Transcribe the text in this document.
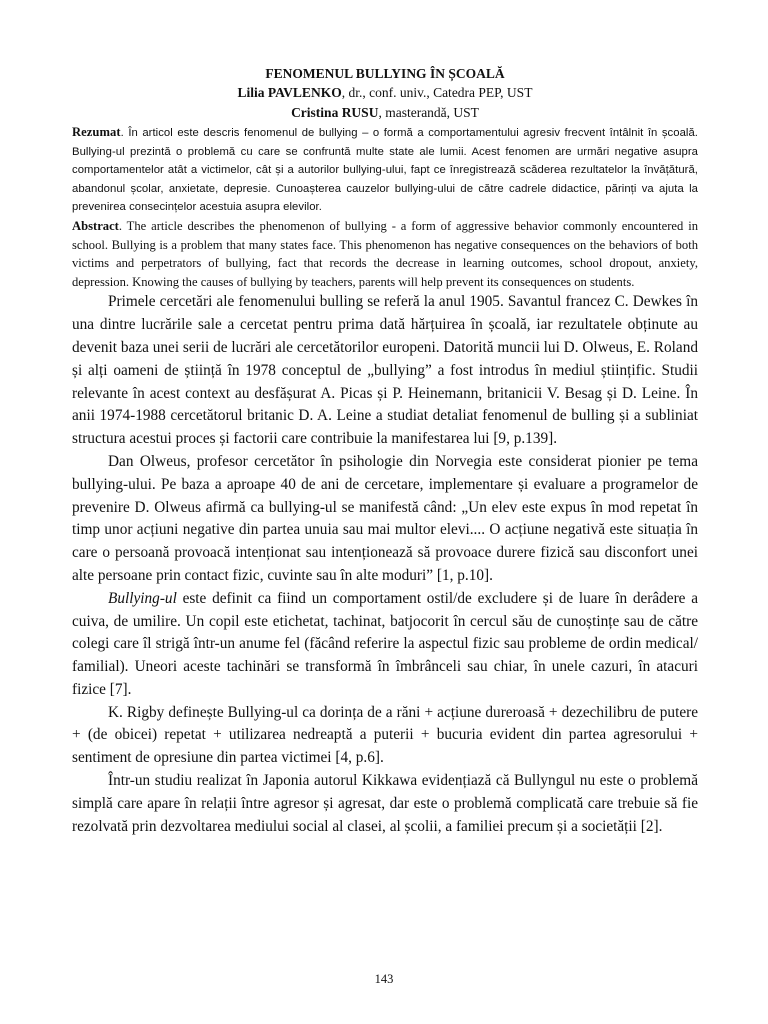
FENOMENUL BULLYING ÎN ȘCOALĂ

Lilia PAVLENKO, dr., conf. univ., Catedra PEP, UST

Cristina RUSU, masterandă, UST

Rezumat. În articol este descris fenomenul de bullying – o formă a comportamentului agresiv frecvent întâlnit în școală. Bullying-ul prezintă o problemă cu care se confruntă multe state ale lumii. Acest fenomen are urmări negative asupra comportamentelor atât a victimelor, cât și a autorilor bullying-ului, fapt ce înregistrează scăderea rezultatelor la învățătură, abandonul școlar, anxietate, depresie. Cunoașterea cauzelor bullying-ului de către cadrele didactice, părinți va ajuta la prevenirea consecințelor acestuia asupra elevilor.

Abstract. The article describes the phenomenon of bullying - a form of aggressive behavior commonly encountered in school. Bullying is a problem that many states face. This phenomenon has negative consequences on the behaviors of both victims and perpetrators of bullying, fact that records the decrease in learning outcomes, school dropout, anxiety, depression. Knowing the causes of bullying by teachers, parents will help prevent its consequences on students.

Primele cercetări ale fenomenului bulling se referă la anul 1905. Savantul francez C. Dewkes în una dintre lucrările sale a cercetat pentru prima dată hărțuirea în școală, iar rezultatele obținute au devenit baza unei serii de lucrări ale cercetătorilor europeni. Datorită muncii lui D. Olweus, E. Roland și alți oameni de știință în 1978 conceptul de „bullying” a fost introdus în mediul științific. Studii relevante în acest context au desfășurat A. Picas și P. Heinemann, britanicii V. Besag și D. Leine. În anii 1974-1988 cercetătorul britanic D. A. Leine a studiat detaliat fenomenul de bulling și a subliniat structura acestui proces și factorii care contribuie la manifestarea lui [9, p.139].

Dan Olweus, profesor cercetător în psihologie din Norvegia este considerat pionier pe tema bullying-ului. Pe baza a aproape 40 de ani de cercetare, implementare și evaluare a programelor de prevenire D. Olweus afirmă ca bullying-ul se manifestă când: „Un elev este expus în mod repetat în timp unor acțiuni negative din partea unuia sau mai multor elevi.... O acțiune negativă este situația în care o persoană provoacă intenționat sau intenționează să provoace durere fizică sau disconfort unei alte persoane prin contact fizic, cuvinte sau în alte moduri” [1, p.10].

Bullying-ul este definit ca fiind un comportament ostil/de excludere și de luare în derâdere a cuiva, de umilire. Un copil este etichetat, tachinat, batjocorit în cercul său de cunoștințe sau de către colegi care îl strigă într-un anume fel (făcând referire la aspectul fizic sau probleme de ordin medical/ familial). Uneori aceste tachinări se transformă în îmbrânceli sau chiar, în unele cazuri, în atacuri fizice [7].

K. Rigby definește Bullying-ul ca dorința de a răni + acțiune dureroasă + dezechilibru de putere + (de obicei) repetat + utilizarea nedreaptă a puterii + bucuria evident din partea agresorului + sentiment de opresiune din partea victimei [4, p.6].

Într-un studiu realizat în Japonia autorul Kikkawa evidențiază că Bullyngul nu este o problemă simplă care apare în relații între agresor și agresat, dar este o problemă complicată care trebuie să fie rezolvată prin dezvoltarea mediului social al clasei, al școlii, a familiei precum și a societății [2].

143
